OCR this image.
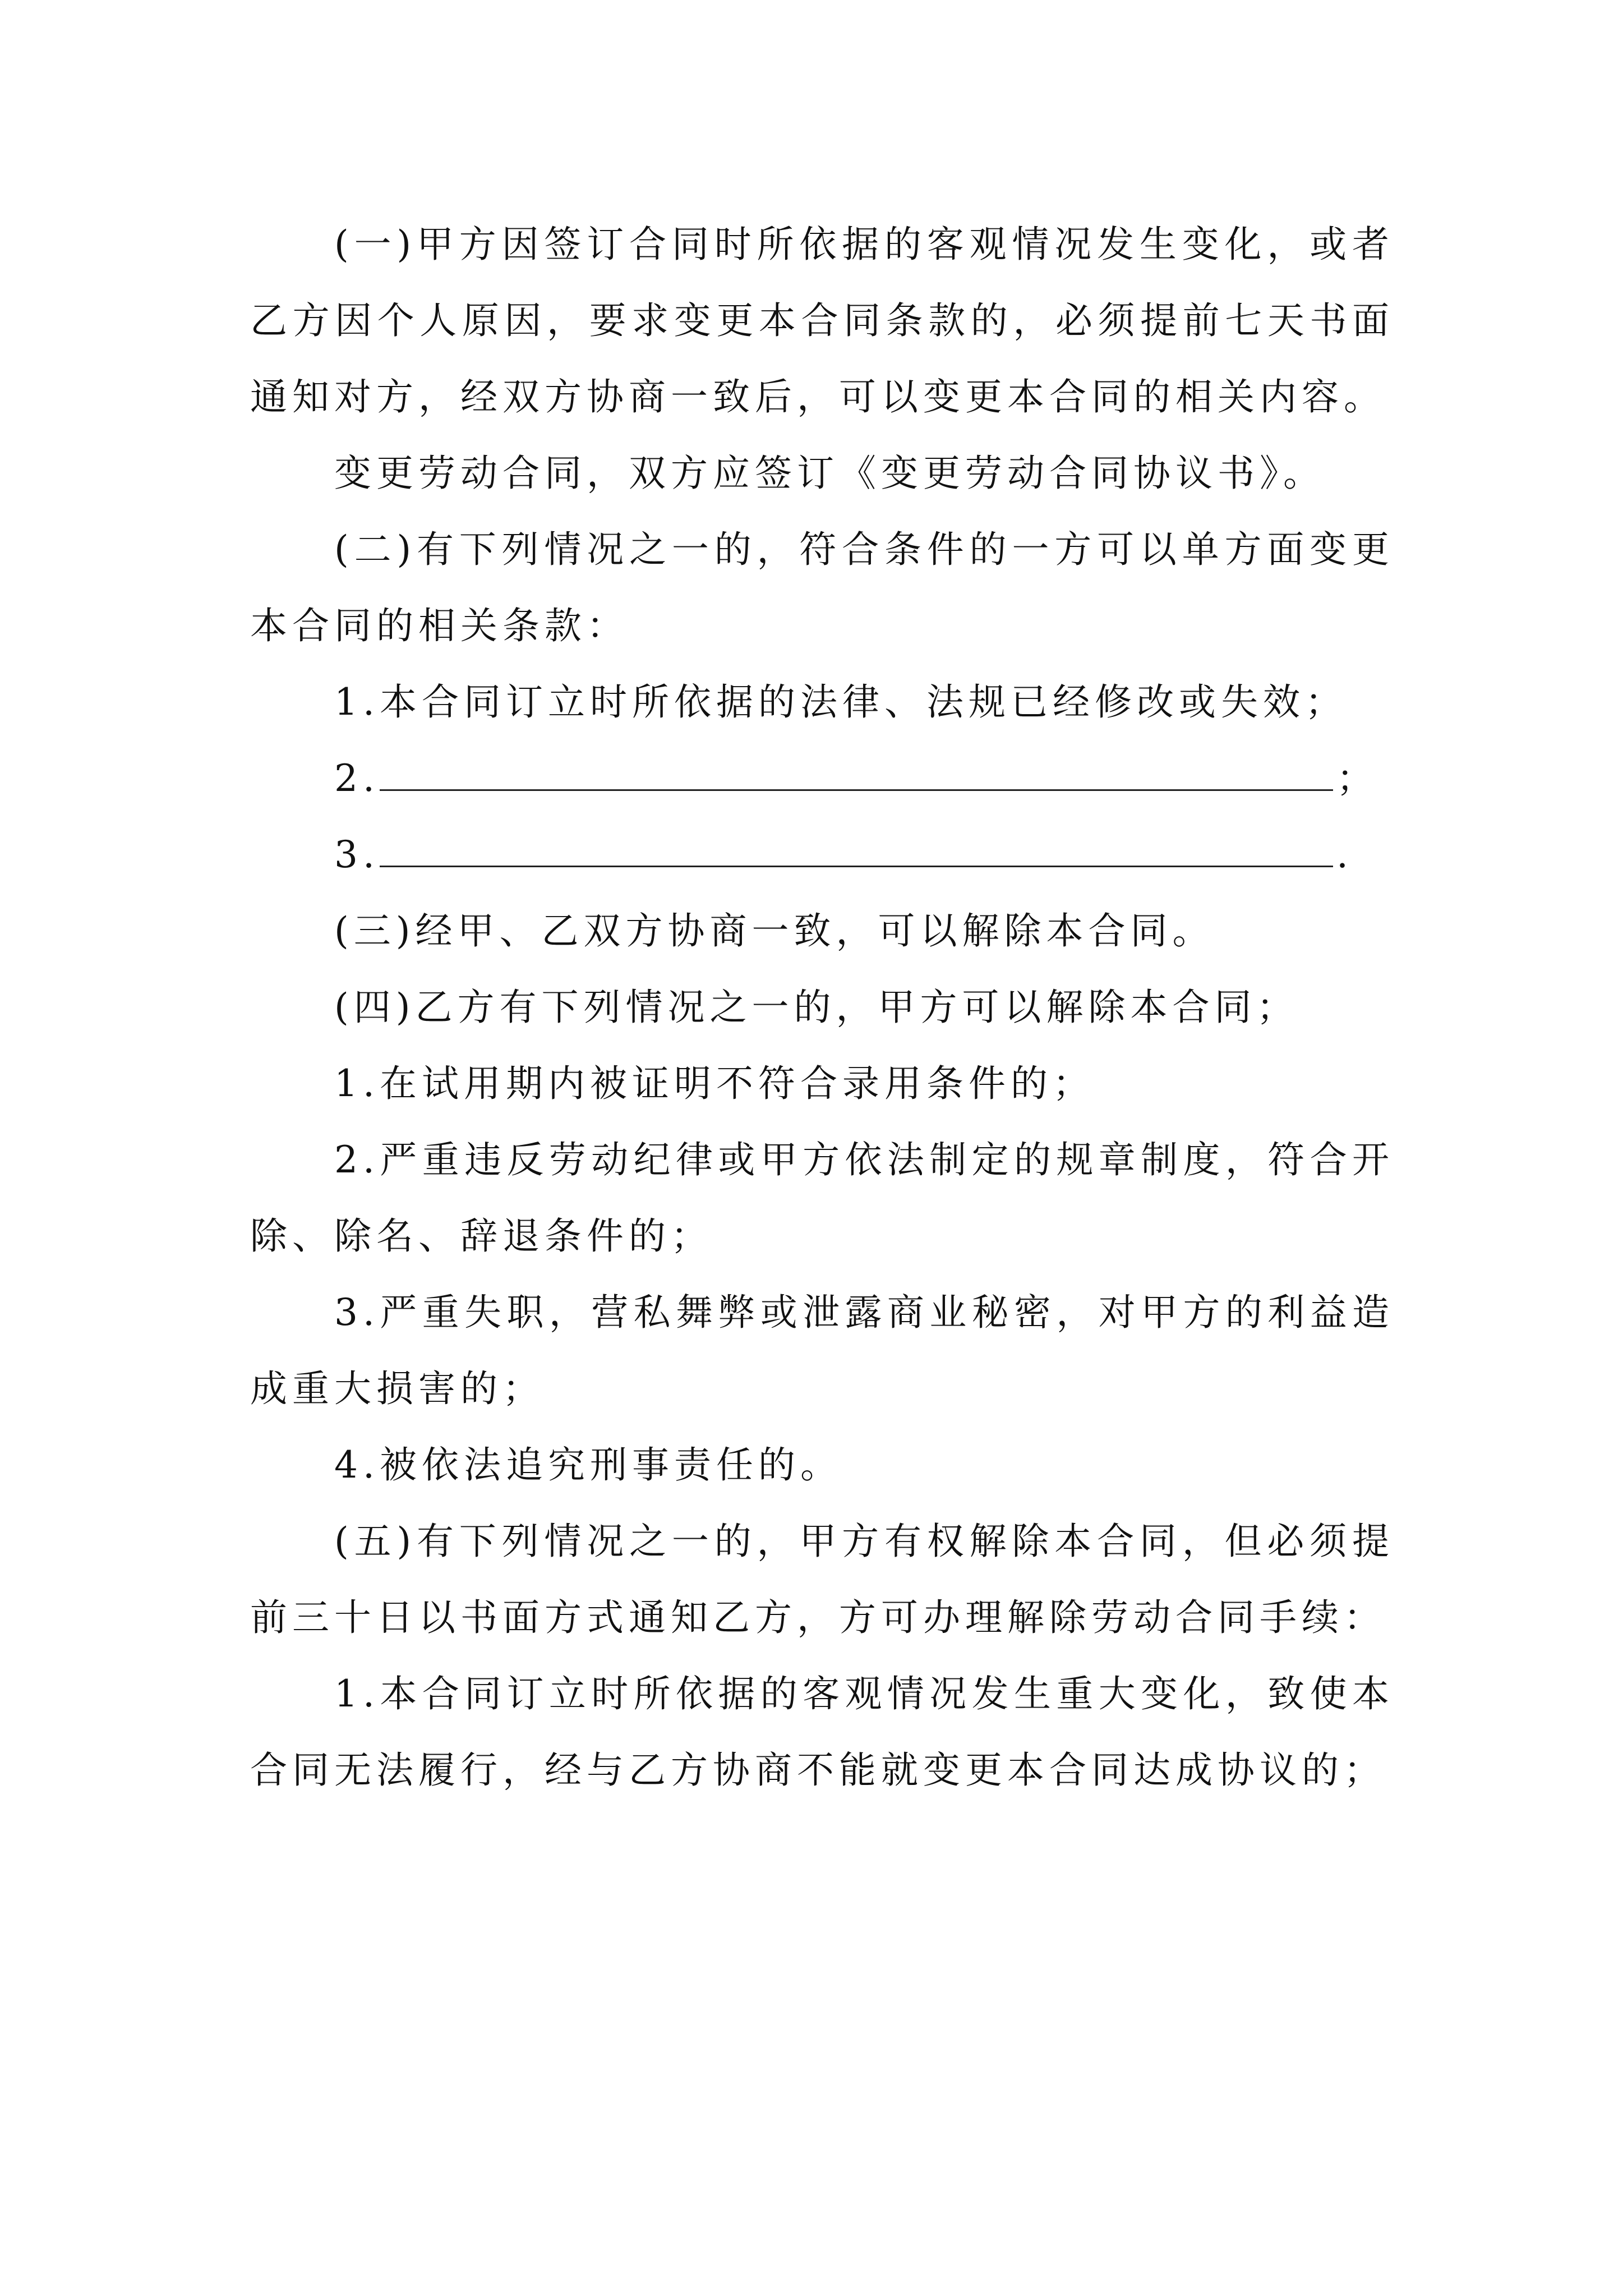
(一)甲方因签订合同时所依据的客观情况发生变化，或者乙方因个人原因，要求变更本合同条款的，必须提前七天书面通知对方，经双方协商一致后，可以变更本合同的相关内容。

变更劳动合同，双方应签订《变更劳动合同协议书》。

(二)有下列情况之一的，符合条件的一方可以单方面变更本合同的相关条款：

1.本合同订立时所依据的法律、法规已经修改或失效；

2.	；

3.	.

(三)经甲、乙双方协商一致，可以解除本合同。

(四)乙方有下列情况之一的，甲方可以解除本合同；

1.在试用期内被证明不符合录用条件的；

2.严重违反劳动纪律或甲方依法制定的规章制度，符合开除、除名、辞退条件的；

3.严重失职，营私舞弊或泄露商业秘密，对甲方的利益造成重大损害的；

4.被依法追究刑事责任的。

(五)有下列情况之一的，甲方有权解除本合同，但必须提前三十日以书面方式通知乙方，方可办理解除劳动合同手续：

1.本合同订立时所依据的客观情况发生重大变化，致使本合同无法履行，经与乙方协商不能就变更本合同达成协议的；
